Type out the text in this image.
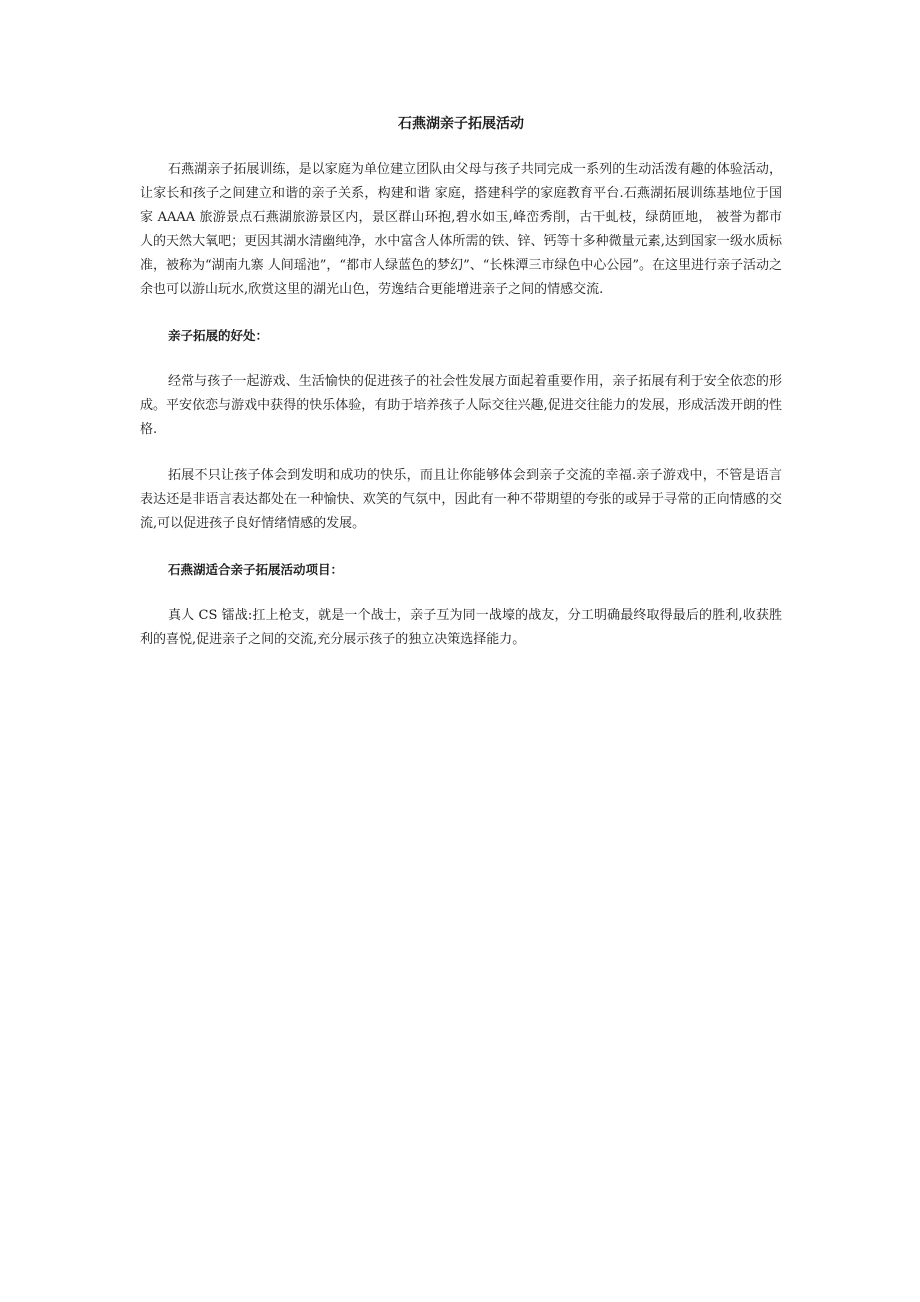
石燕湖亲子拓展活动

石燕湖亲子拓展训练，是以家庭为单位建立团队由父母与孩子共同完成一系列的生动活泼有趣的体验活动，让家长和孩子之间建立和谐的亲子关系，构建和谐 家庭，搭建科学的家庭教育平台.石燕湖拓展训练基地位于国家 AAAA 旅游景点石燕湖旅游景区内，景区群山环抱,碧水如玉,峰峦秀削，古干虬枝，绿荫匝地， 被誉为都市人的天然大氧吧；更因其湖水清幽纯净，水中富含人体所需的铁、锌、钙等十多种微量元素,达到国家一级水质标准，被称为“湖南九寨 人间瑶池”，“都市人绿蓝色的梦幻”、“长株潭三市绿色中心公园”。在这里进行亲子活动之余也可以游山玩水,欣赏这里的湖光山色，劳逸结合更能增进亲子之间的情感交流.

亲子拓展的好处：

经常与孩子一起游戏、生活愉快的促进孩子的社会性发展方面起着重要作用，亲子拓展有利于安全依恋的形成。平安依恋与游戏中获得的快乐体验，有助于培养孩子人际交往兴趣,促进交往能力的发展，形成活泼开朗的性格.

拓展不只让孩子体会到发明和成功的快乐，而且让你能够体会到亲子交流的幸福.亲子游戏中，不管是语言表达还是非语言表达都处在一种愉快、欢笑的气氛中，因此有一种不带期望的夸张的或异于寻常的正向情感的交流,可以促进孩子良好情绪情感的发展。

石燕湖适合亲子拓展活动项目：

真人 CS 镭战:扛上枪支，就是一个战士，亲子互为同一战壕的战友，分工明确最终取得最后的胜利,收获胜利的喜悦,促进亲子之间的交流,充分展示孩子的独立决策选择能力。
